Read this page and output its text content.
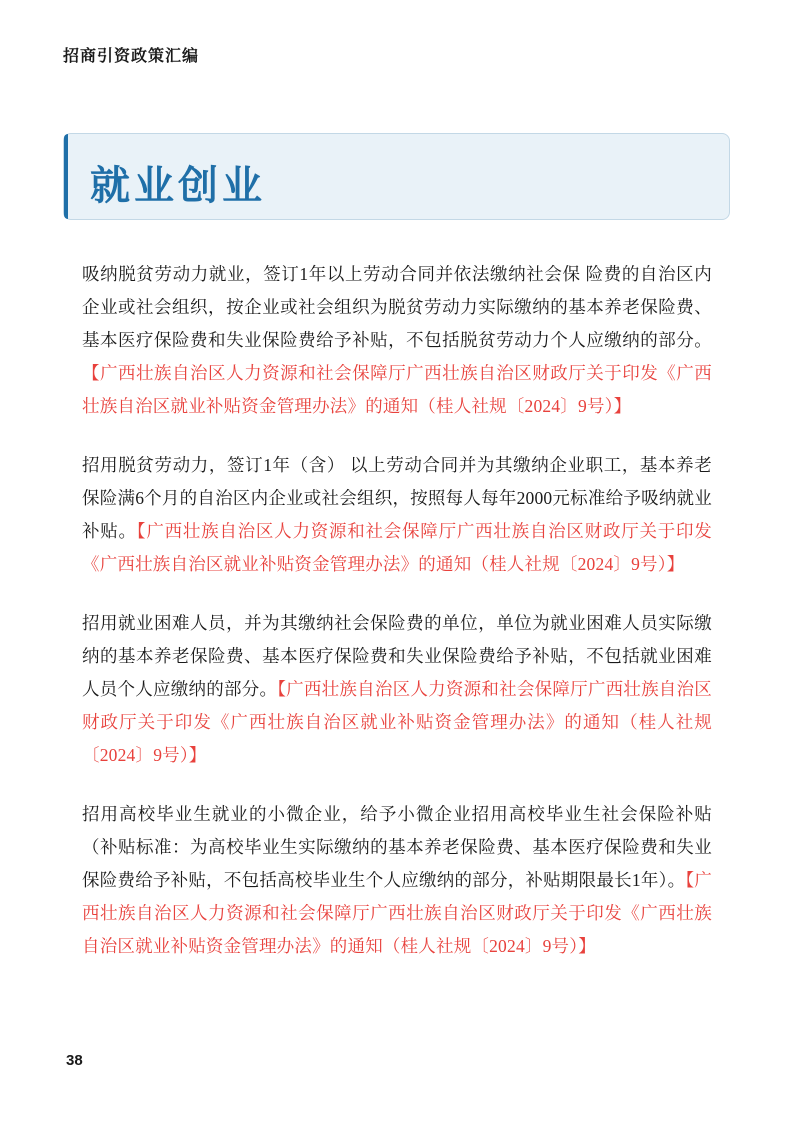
招商引资政策汇编
就业创业

吸纳脱贫劳动力就业，签订1年以上劳动合同并依法缴纳社会保 险费的自治区内企业或社会组织，按企业或社会组织为脱贫劳动力实际缴纳的基本养老保险费、基本医疗保险费和失业保险费给予补贴，不包括脱贫劳动力个人应缴纳的部分。【广西壮族自治区人力资源和社会保障厅广西壮族自治区财政厅关于印发《广西壮族自治区就业补贴资金管理办法》的通知（桂人社规〔2024〕9号）】

招用脱贫劳动力，签订1年（含） 以上劳动合同并为其缴纳企业职工，基本养老保险满6个月的自治区内企业或社会组织，按照每人每年2000元标准给予吸纳就业补贴。【广西壮族自治区人力资源和社会保障厅广西壮族自治区财政厅关于印发《广西壮族自治区就业补贴资金管理办法》的通知（桂人社规〔2024〕9号）】

招用就业困难人员，并为其缴纳社会保险费的单位，单位为就业困难人员实际缴纳的基本养老保险费、基本医疗保险费和失业保险费给予补贴，不包括就业困难人员个人应缴纳的部分。【广西壮族自治区人力资源和社会保障厅广西壮族自治区财政厅关于印发《广西壮族自治区就业补贴资金管理办法》的通知（桂人社规〔2024〕9号）】

招用高校毕业生就业的小微企业，给予小微企业招用高校毕业生社会保险补贴（补贴标准：为高校毕业生实际缴纳的基本养老保险费、基本医疗保险费和失业保险费给予补贴，不包括高校毕业生个人应缴纳的部分，补贴期限最长1年）。【广西壮族自治区人力资源和社会保障厅广西壮族自治区财政厅关于印发《广西壮族自治区就业补贴资金管理办法》的通知（桂人社规〔2024〕9号）】

38
